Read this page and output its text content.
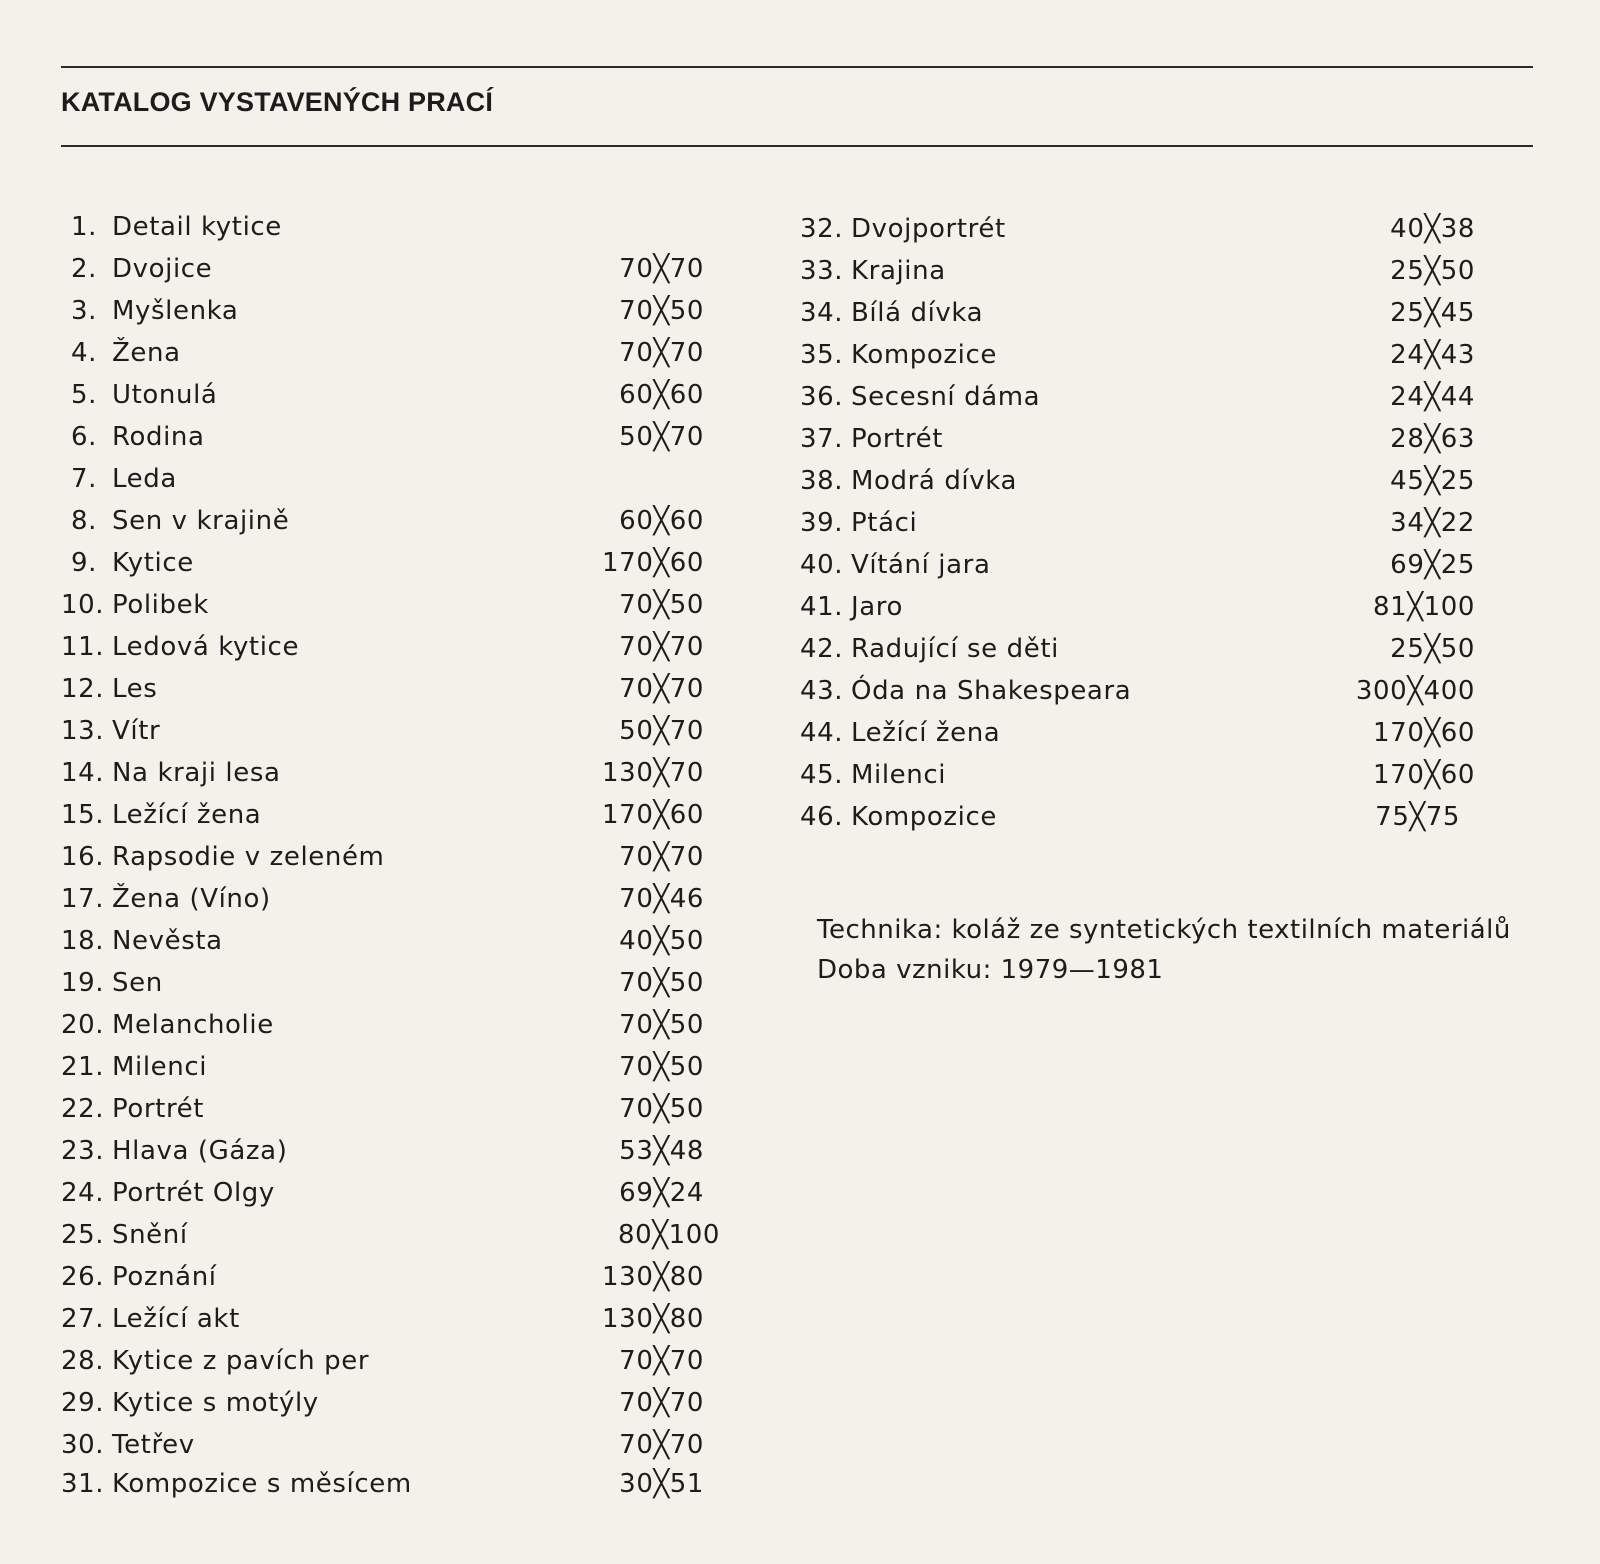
KATALOG VYSTAVENÝCH PRACÍ
1. Detail kytice
2. Dvojice	70╳70
3. Myšlenka	70╳50
4. Žena	70╳70
5. Utonulá	60╳60
6. Rodina	50╳70
7. Leda
8. Sen v krajině	60╳60
9. Kytice	170╳60
10. Polibek	70╳50
11. Ledová kytice	70╳70
12. Les	70╳70
13. Vítr	50╳70
14. Na kraji lesa	130╳70
15. Ležící žena	170╳60
16. Rapsodie v zeleném	70╳70
17. Žena (Víno)	70╳46
18. Nevěsta	40╳50
19. Sen	70╳50
20. Melancholie	70╳50
21. Milenci	70╳50
22. Portrét	70╳50
23. Hlava (Gáza)	53╳48
24. Portrét Olgy	69╳24
25. Snění	80╳100
26. Poznání	130╳80
27. Ležící akt	130╳80
28. Kytice z pavích per	70╳70
29. Kytice s motýly	70╳70
30. Tetřev	70╳70
31. Kompozice s měsícem	30╳51
32. Dvojportrét	40╳38
33. Krajina	25╳50
34. Bílá dívka	25╳45
35. Kompozice	24╳43
36. Secesní dáma	24╳44
37. Portrét	28╳63
38. Modrá dívka	45╳25
39. Ptáci	34╳22
40. Vítání jara	69╳25
41. Jaro	81╳100
42. Radující se děti	25╳50
43. Óda na Shakespeara	300╳400
44. Ležící žena	170╳60
45. Milenci	170╳60
46. Kompozice	75╳75

Technika: koláž ze syntetických textilních materiálů

Doba vzniku: 1979—1981
